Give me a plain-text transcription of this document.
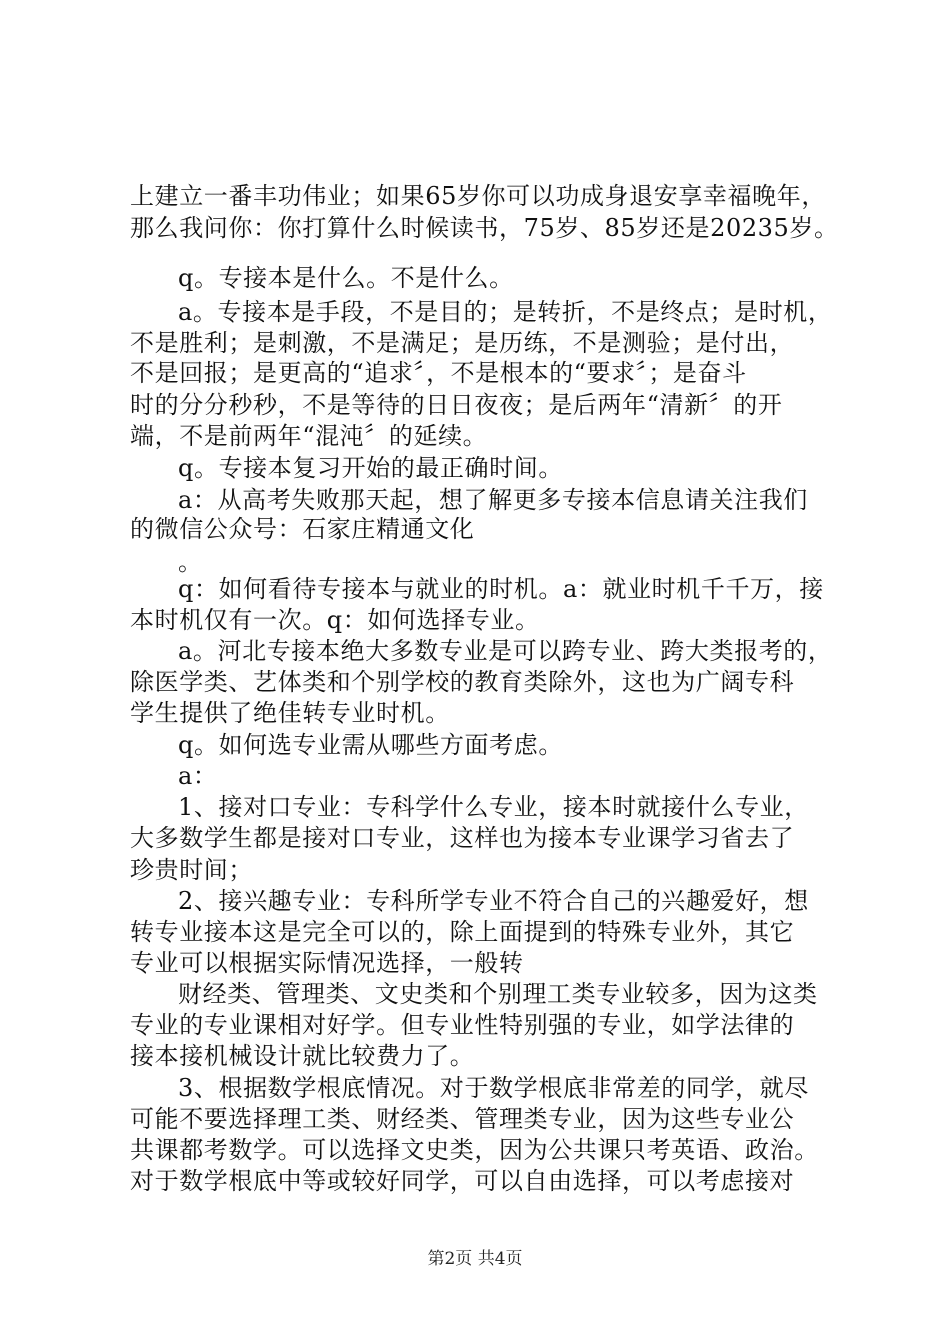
上建立一番丰功伟业；如果65岁你可以功成身退安享幸福晚年，
那么我问你：你打算什么时候读书，75岁、85岁还是20235岁。
q。专接本是什么。不是什么。
a。专接本是手段，不是目的；是转折，不是终点；是时机，
不是胜利；是刺激，不是满足；是历练，不是测验；是付出，
不是回报；是更高的“追求〞，不是根本的“要求〞；是奋斗
时的分分秒秒，不是等待的日日夜夜；是后两年“清新〞的开
端，不是前两年“混沌〞的延续。
q。专接本复习开始的最正确时间。
a：从高考失败那天起，想了解更多专接本信息请关注我们
的微信公众号：石家庄精通文化
。
q：如何看待专接本与就业的时机。a：就业时机千千万，接
本时机仅有一次。q：如何选择专业。
a。河北专接本绝大多数专业是可以跨专业、跨大类报考的，
除医学类、艺体类和个别学校的教育类除外，这也为广阔专科
学生提供了绝佳转专业时机。
q。如何选专业需从哪些方面考虑。
a：
1、接对口专业：专科学什么专业，接本时就接什么专业，
大多数学生都是接对口专业，这样也为接本专业课学习省去了
珍贵时间；
2、接兴趣专业：专科所学专业不符合自己的兴趣爱好，想
转专业接本这是完全可以的，除上面提到的特殊专业外，其它
专业可以根据实际情况选择，一般转
财经类、管理类、文史类和个别理工类专业较多，因为这类
专业的专业课相对好学。但专业性特别强的专业，如学法律的
接本接机械设计就比较费力了。
3、根据数学根底情况。对于数学根底非常差的同学，就尽
可能不要选择理工类、财经类、管理类专业，因为这些专业公
共课都考数学。可以选择文史类，因为公共课只考英语、政治。
对于数学根底中等或较好同学，可以自由选择，可以考虑接对
第2页 共4页
